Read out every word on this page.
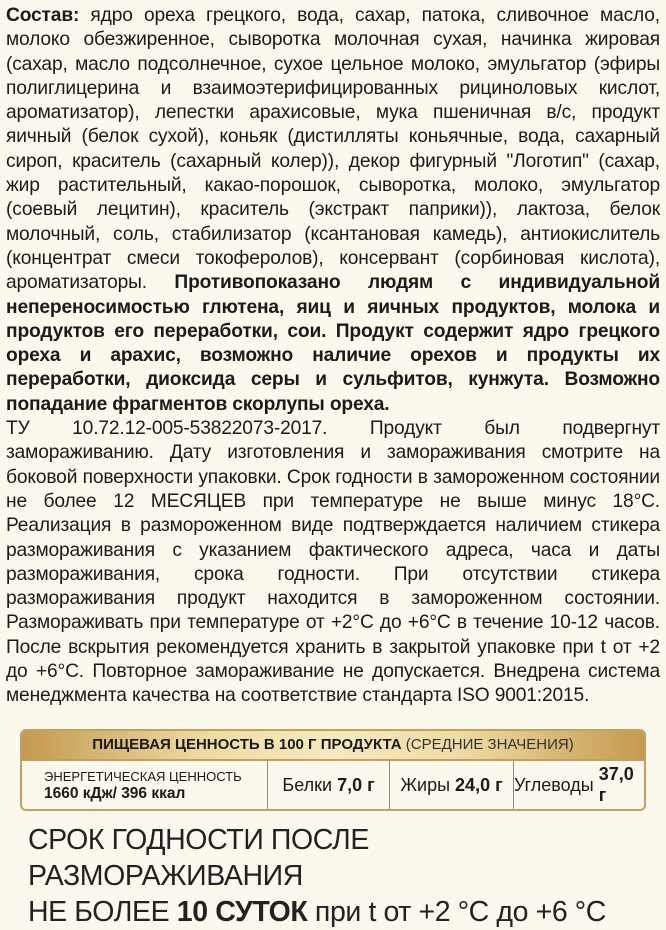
Состав: ядро ореха грецкого, вода, сахар, патока, сливочное масло, молоко обезжиренное, сыворотка молочная сухая, начинка жировая (сахар, масло подсолнечное, сухое цельное молоко, эмульгатор (эфиры полиглицерина и взаимоэтерифицированных рициноловых кислот, ароматизатор), лепестки арахисовые, мука пшеничная в/с, продукт яичный (белок сухой), коньяк (дистилляты коньячные, вода, сахарный сироп, краситель (сахарный колер)), декор фигурный "Логотип" (сахар, жир растительный, какао-порошок, сыворотка, молоко, эмульгатор (соевый лецитин), краситель (экстракт паприки)), лактоза, белок молочный, соль, стабилизатор (ксантановая камедь), антиокислитель (концентрат смеси токоферолов), консервант (сорбиновая кислота), ароматизаторы. Противопоказано людям с индивидуальной непереносимостью глютена, яиц и яичных продуктов, молока и продуктов его переработки, сои. Продукт содержит ядро грецкого ореха и арахис, возможно наличие орехов и продукты их переработки, диоксида серы и сульфитов, кунжута. Возможно попадание фрагментов скорлупы ореха.

ТУ 10.72.12-005-53822073-2017. Продукт был подвергнут замораживанию. Дату изготовления и замораживания смотрите на боковой поверхности упаковки. Срок годности в замороженном состоянии не более 12 МЕСЯЦЕВ при температуре не выше минус 18°С. Реализация в размороженном виде подтверждается наличием стикера размораживания с указанием фактического адреса, часа и даты размораживания, срока годности. При отсутствии стикера размораживания продукт находится в замороженном состоянии. Размораживать при температуре от +2°С до +6°С в течение 10-12 часов. После вскрытия рекомендуется хранить в закрытой упаковке при t от +2 до +6°С. Повторное замораживание не допускается. Внедрена система менеджмента качества на соответствие стандарта ISO 9001:2015.

ПИЩЕВАЯ ЦЕННОСТЬ В 100 Г ПРОДУКТА (СРЕДНИЕ ЗНАЧЕНИЯ)
ЭНЕРГЕТИЧЕСКАЯ ЦЕННОСТЬ
1660 кДж/ 396 ккал	Белки 7,0 г Жиры 24,0 г Углеводы
37,0 г
СРОК ГОДНОСТИ ПОСЛЕ РАЗМОРАЖИВАНИЯ
НЕ БОЛЕЕ 10 СУТОК при t от +2 °С до +6 °С
